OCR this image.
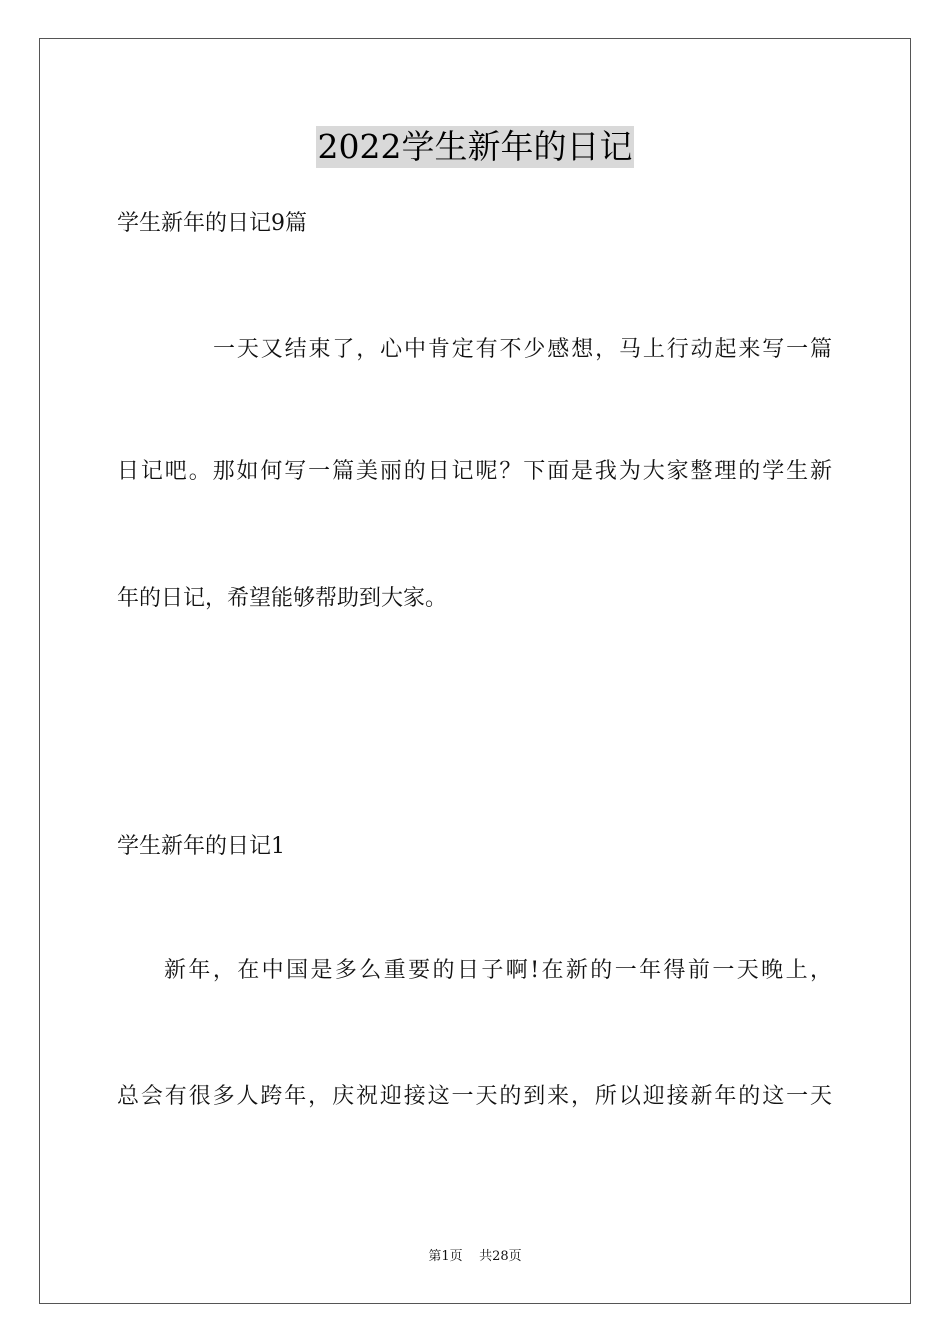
2022学生新年的日记
学生新年的日记9篇
一天又结束了，心中肯定有不少感想，马上行动起来写一篇
日记吧。那如何写一篇美丽的日记呢？下面是我为大家整理的学生新
年的日记，希望能够帮助到大家。
学生新年的日记1
新年，在中国是多么重要的日子啊!在新的一年得前一天晚上，
总会有很多人跨年，庆祝迎接这一天的到来，所以迎接新年的这一天
第1页 共28页
